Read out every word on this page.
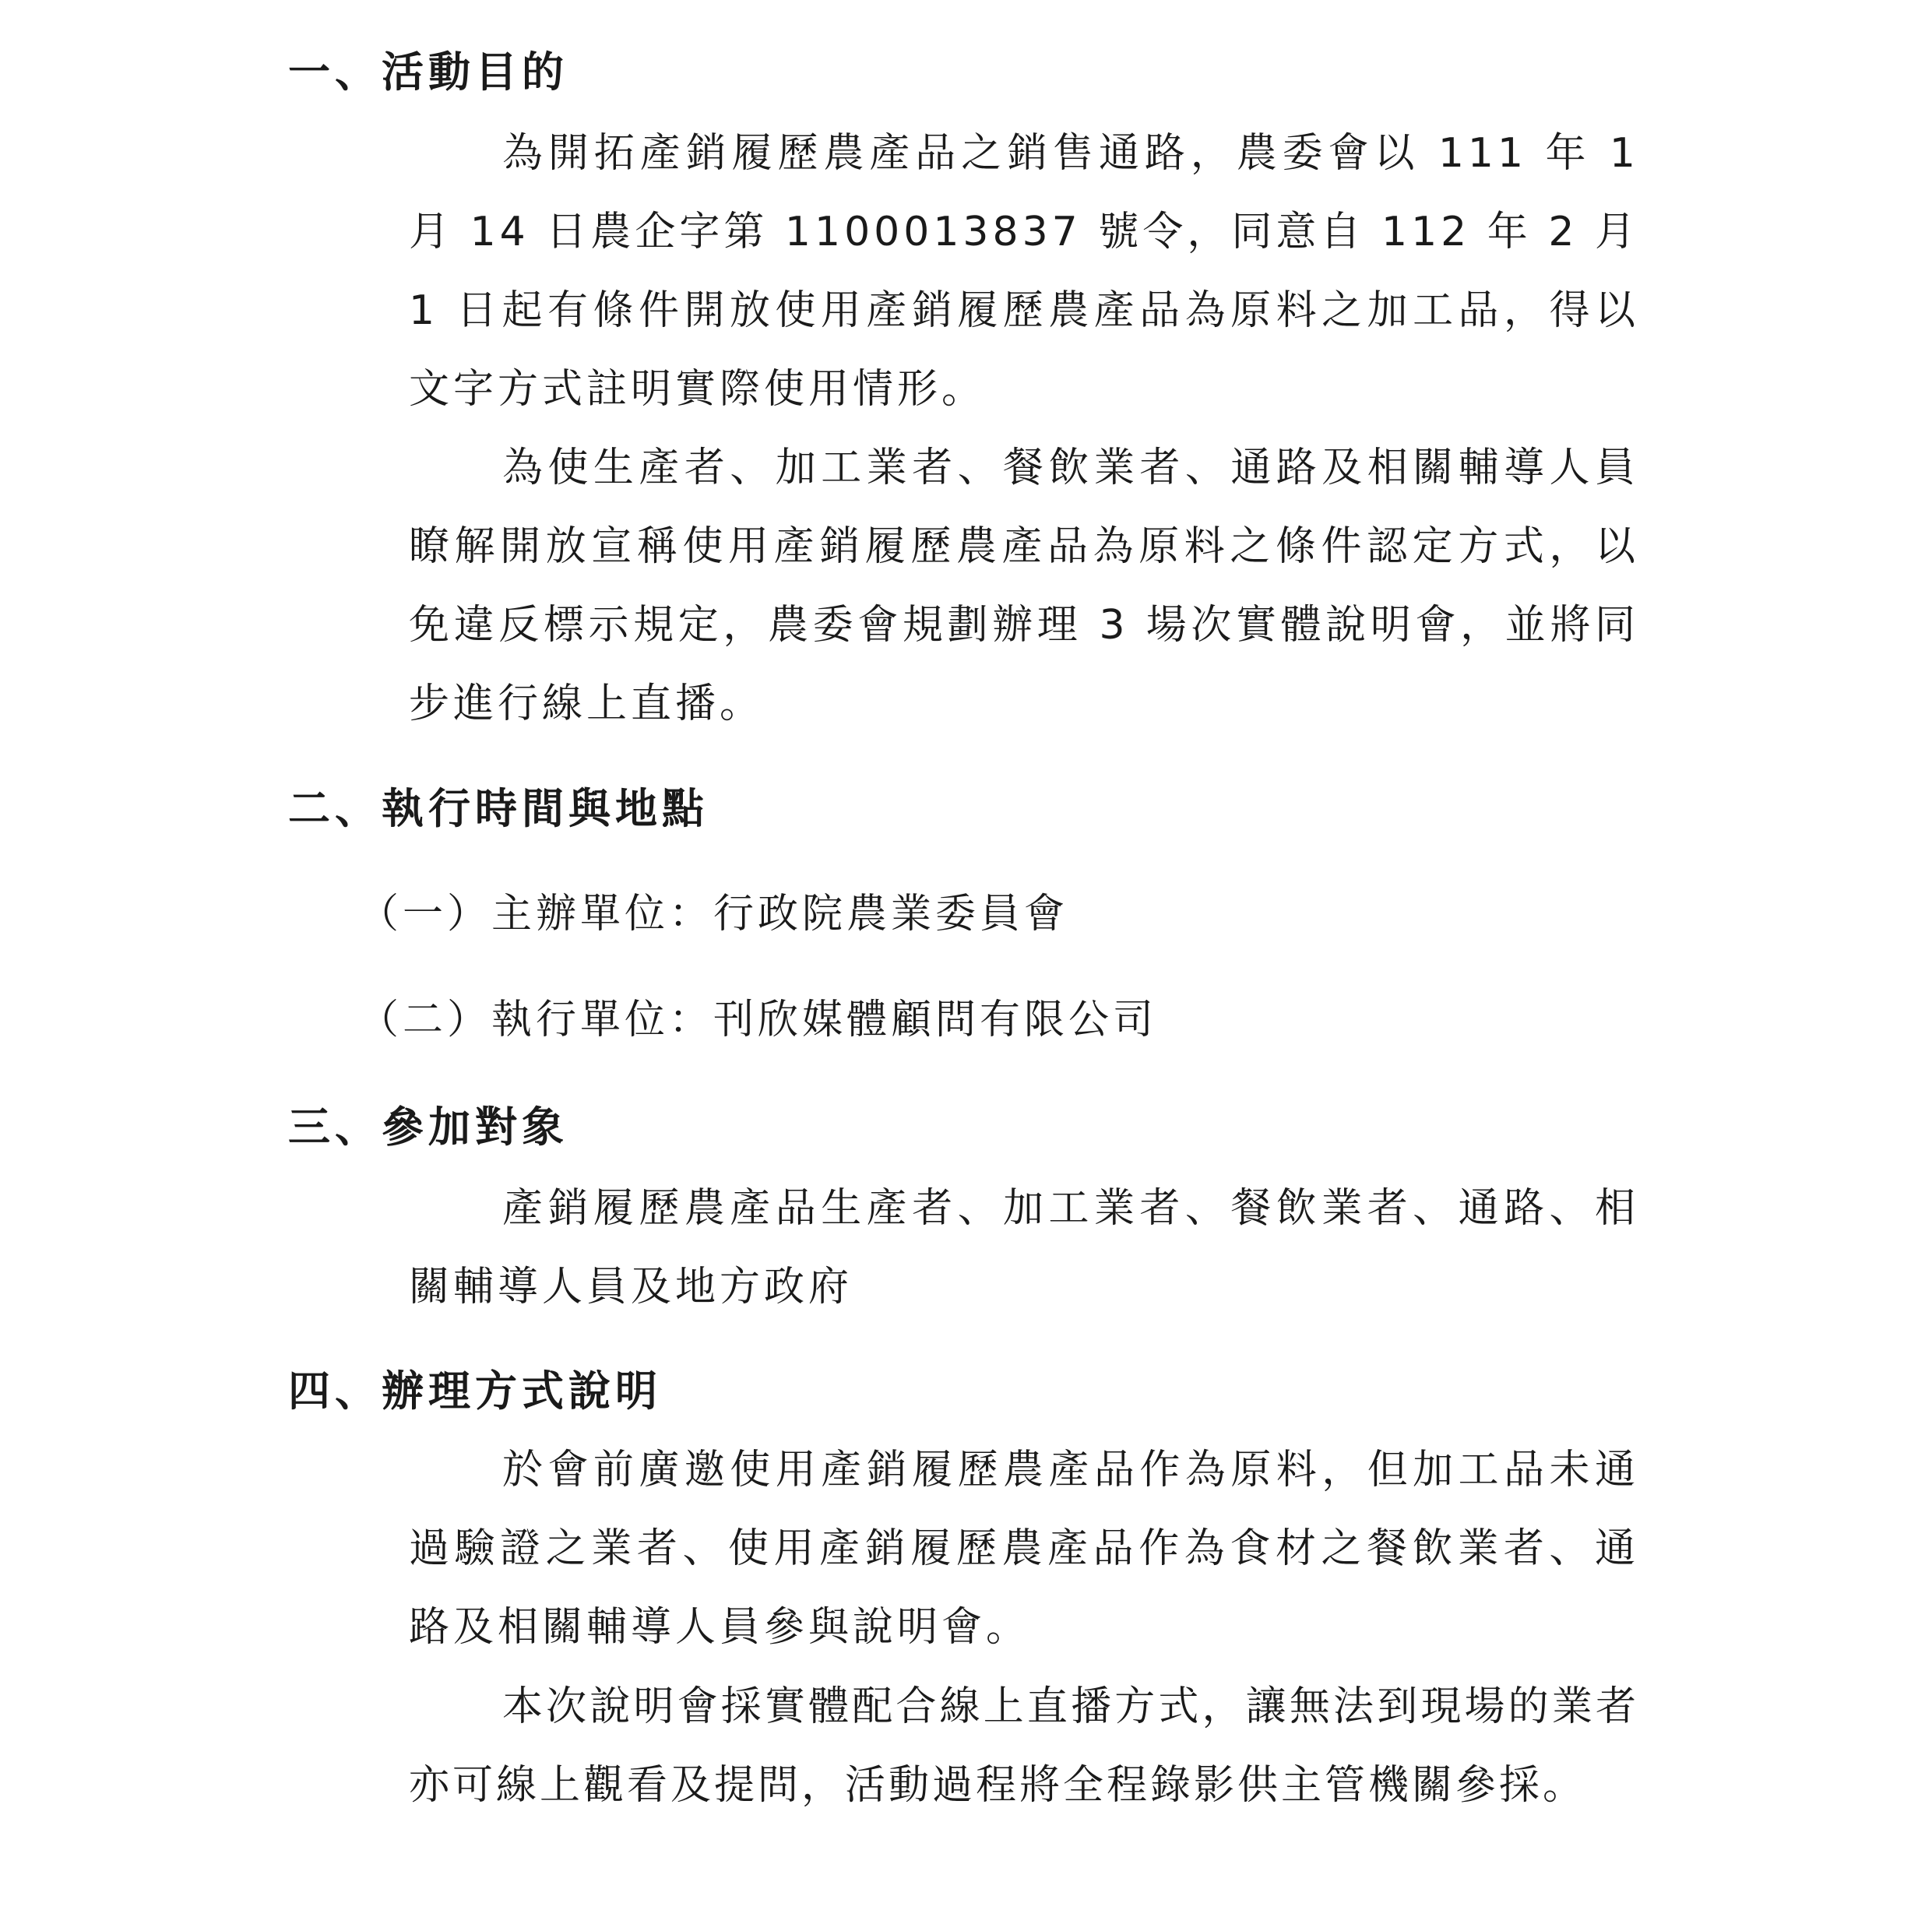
一、活動目的

為開拓產銷履歷農產品之銷售通路，農委會以 111 年 1 月 14 日農企字第 1100013837 號令，同意自 112 年 2 月 1 日起有條件開放使用產銷履歷農產品為原料之加工品，得以文字方式註明實際使用情形。

為使生產者、加工業者、餐飲業者、通路及相關輔導人員瞭解開放宣稱使用產銷履歷農產品為原料之條件認定方式，以免違反標示規定，農委會規劃辦理 3 場次實體說明會，並將同步進行線上直播。

二、執行時間與地點
（一）主辦單位：行政院農業委員會
（二）執行單位：刊欣媒體顧問有限公司
三、參加對象

產銷履歷農產品生產者、加工業者、餐飲業者、通路、相關輔導人員及地方政府

四、辦理方式說明

於會前廣邀使用產銷履歷農產品作為原料，但加工品未通過驗證之業者、使用產銷履歷農產品作為食材之餐飲業者、通路及相關輔導人員參與說明會。

本次說明會採實體配合線上直播方式，讓無法到現場的業者亦可線上觀看及提問，活動過程將全程錄影供主管機關參採。
